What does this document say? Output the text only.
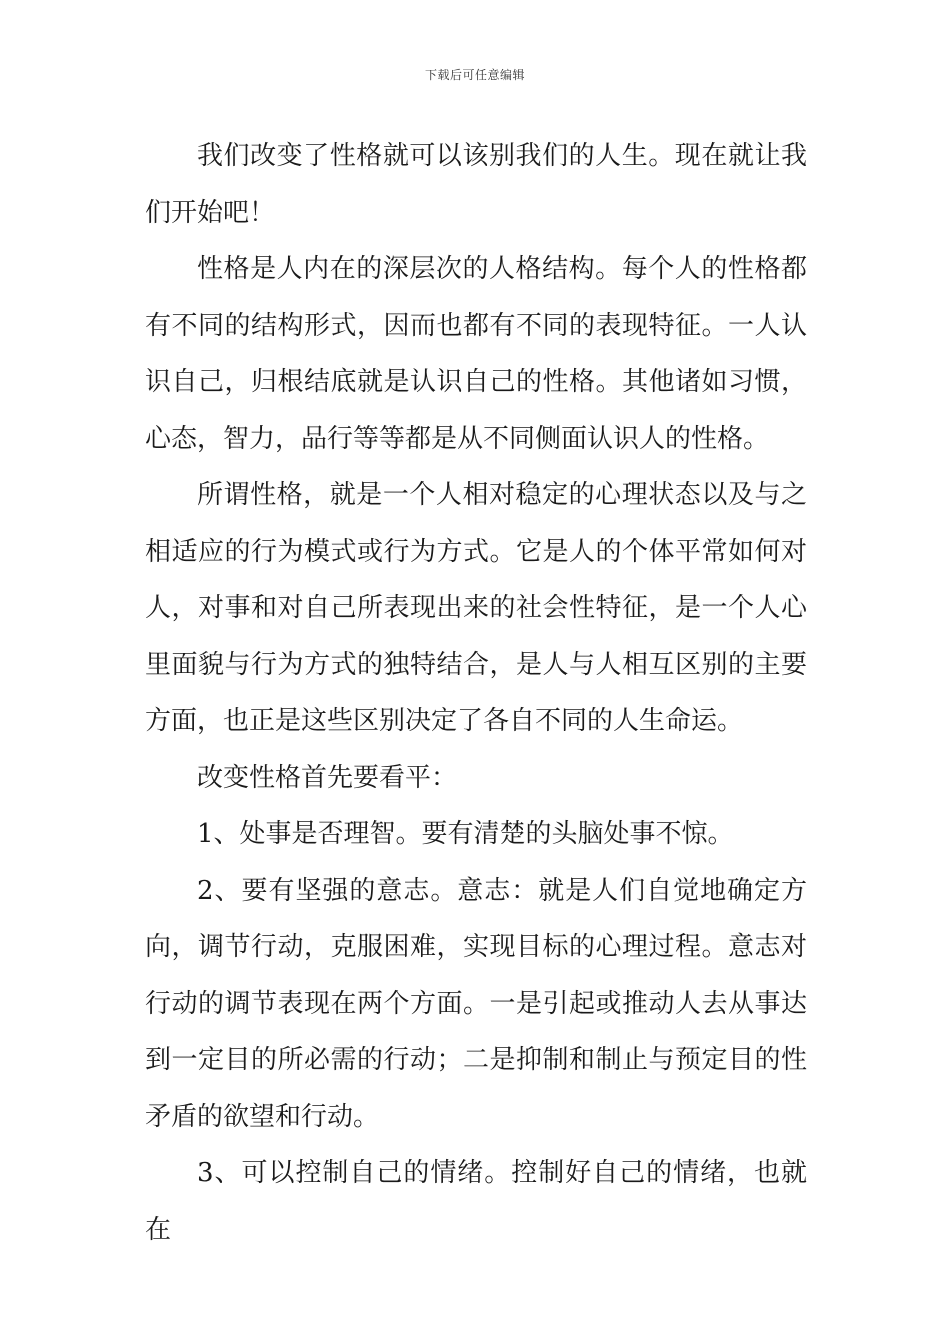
下载后可任意编辑

我们改变了性格就可以该别我们的人生。现在就让我们开始吧！

性格是人内在的深层次的人格结构。每个人的性格都有不同的结构形式，因而也都有不同的表现特征。一人认识自己，归根结底就是认识自己的性格。其他诸如习惯，心态，智力，品行等等都是从不同侧面认识人的性格。

所谓性格，就是一个人相对稳定的心理状态以及与之相适应的行为模式或行为方式。它是人的个体平常如何对人，对事和对自己所表现出来的社会性特征，是一个人心里面貌与行为方式的独特结合，是人与人相互区别的主要方面，也正是这些区别决定了各自不同的人生命运。

改变性格首先要看平：

1、处事是否理智。要有清楚的头脑处事不惊。

2、要有坚强的意志。意志：就是人们自觉地确定方向，调节行动，克服困难，实现目标的心理过程。意志对行动的调节表现在两个方面。一是引起或推动人去从事达到一定目的所必需的行动；二是抑制和制止与预定目的性矛盾的欲望和行动。

3、可以控制自己的情绪。控制好自己的情绪，也就在
